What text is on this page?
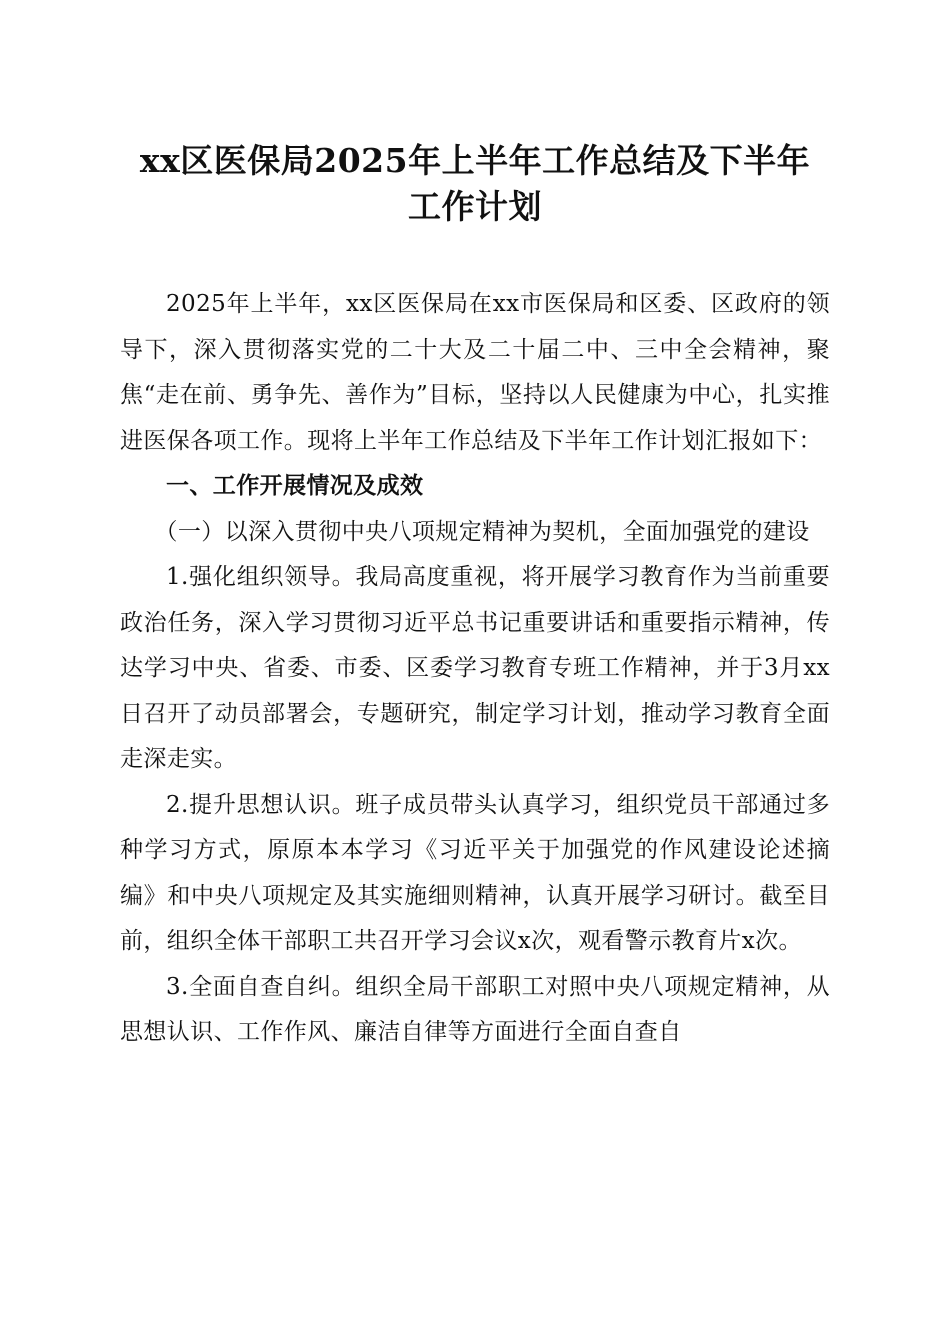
xx区医保局2025年上半年工作总结及下半年
工作计划

2025年上半年，xx区医保局在xx市医保局和区委、区政府的领导下，深入贯彻落实党的二十大及二十届二中、三中全会精神，聚焦“走在前、勇争先、善作为”目标，坚持以人民健康为中心，扎实推进医保各项工作。现将上半年工作总结及下半年工作计划汇报如下：

一、工作开展情况及成效

（一）以深入贯彻中央八项规定精神为契机，全面加强党的建设

1.强化组织领导。我局高度重视，将开展学习教育作为当前重要政治任务，深入学习贯彻习近平总书记重要讲话和重要指示精神，传达学习中央、省委、市委、区委学习教育专班工作精神，并于3月xx日召开了动员部署会，专题研究，制定学习计划，推动学习教育全面走深走实。

2.提升思想认识。班子成员带头认真学习，组织党员干部通过多种学习方式，原原本本学习《习近平关于加强党的作风建设论述摘编》和中央八项规定及其实施细则精神，认真开展学习研讨。截至目前，组织全体干部职工共召开学习会议x次，观看警示教育片x次。

3.全面自查自纠。组织全局干部职工对照中央八项规定精神，从思想认识、工作作风、廉洁自律等方面进行全面自查自
